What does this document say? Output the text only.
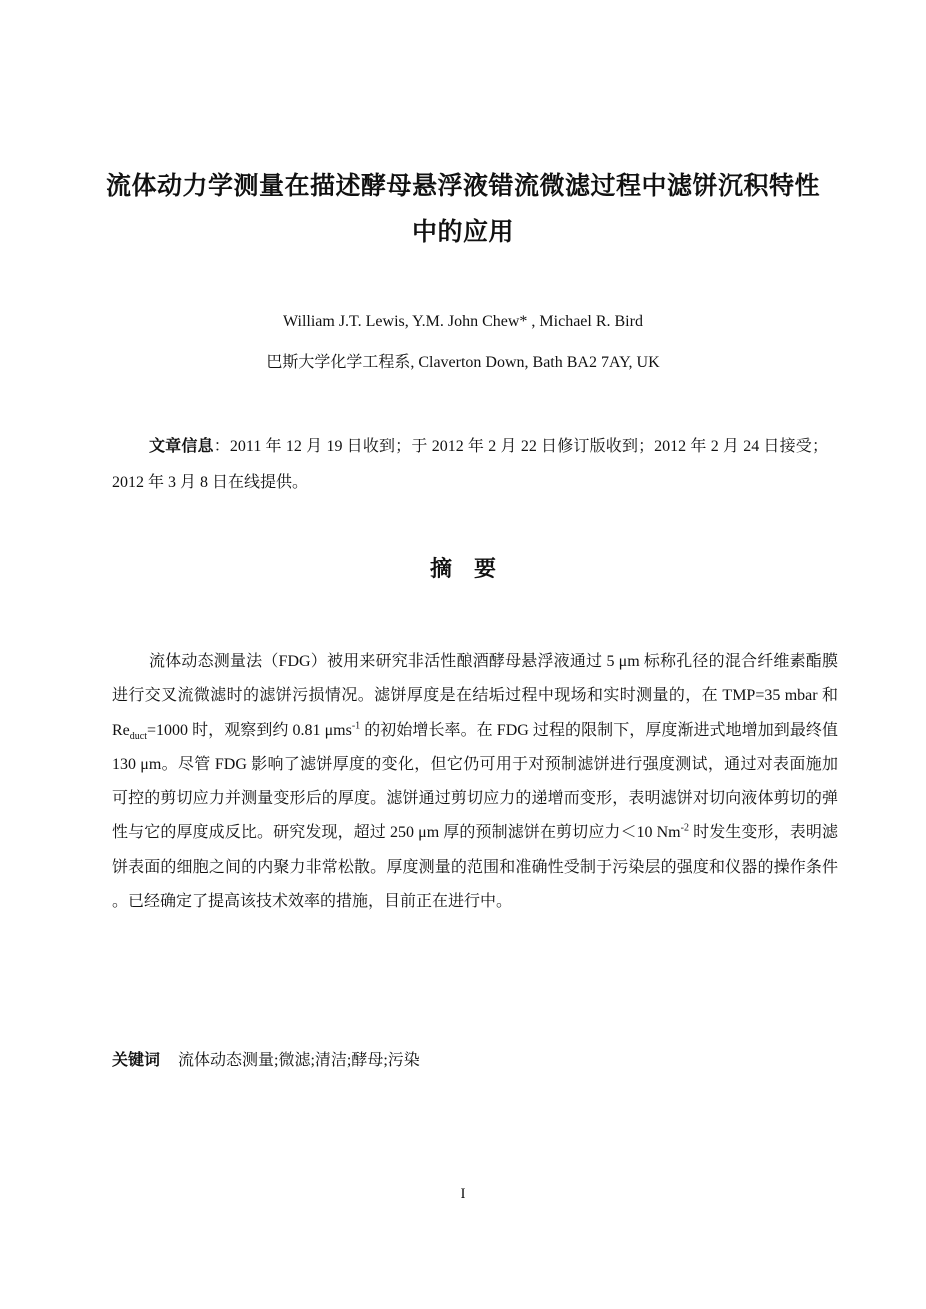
流体动力学测量在描述酵母悬浮液错流微滤过程中滤饼沉积特性中的应用
William J.T. Lewis, Y.M. John Chew* , Michael R. Bird
巴斯大学化学工程系, Claverton Down, Bath BA2 7AY, UK
文章信息：2011 年 12 月 19 日收到；于 2012 年 2 月 22 日修订版收到；2012 年 2 月 24 日接受；2012 年 3 月 8 日在线提供。
摘要
流体动态测量法（FDG）被用来研究非活性酿酒酵母悬浮液通过 5 μm 标称孔径的混合纤维素酯膜进行交叉流微滤时的滤饼污损情况。滤饼厚度是在结垢过程中现场和实时测量的，在 TMP=35 mbar 和 $Re_{duct}=1000$ 时，观察到约 0.81 μms$^{-1}$ 的初始增长率。在 FDG 过程的限制下，厚度渐进式地增加到最终值 130 μm。尽管 FDG 影响了滤饼厚度的变化，但它仍可用于对预制滤饼进行强度测试，通过对表面施加可控的剪切应力并测量变形后的厚度。滤饼通过剪切应力的递增而变形，表明滤饼对切向液体剪切的弹性与它的厚度成反比。研究发现，超过 250 μm 厚的预制滤饼在剪切应力＜10 $Nm^{-2}$ 时发生变形，表明滤饼表面的细胞之间的内聚力非常松散。厚度测量的范围和准确性受制于污染层的强度和仪器的操作条件 。已经确定了提高该技术效率的措施，目前正在进行中。
关键词 流体动态测量;微滤;清洁;酵母;污染
I
